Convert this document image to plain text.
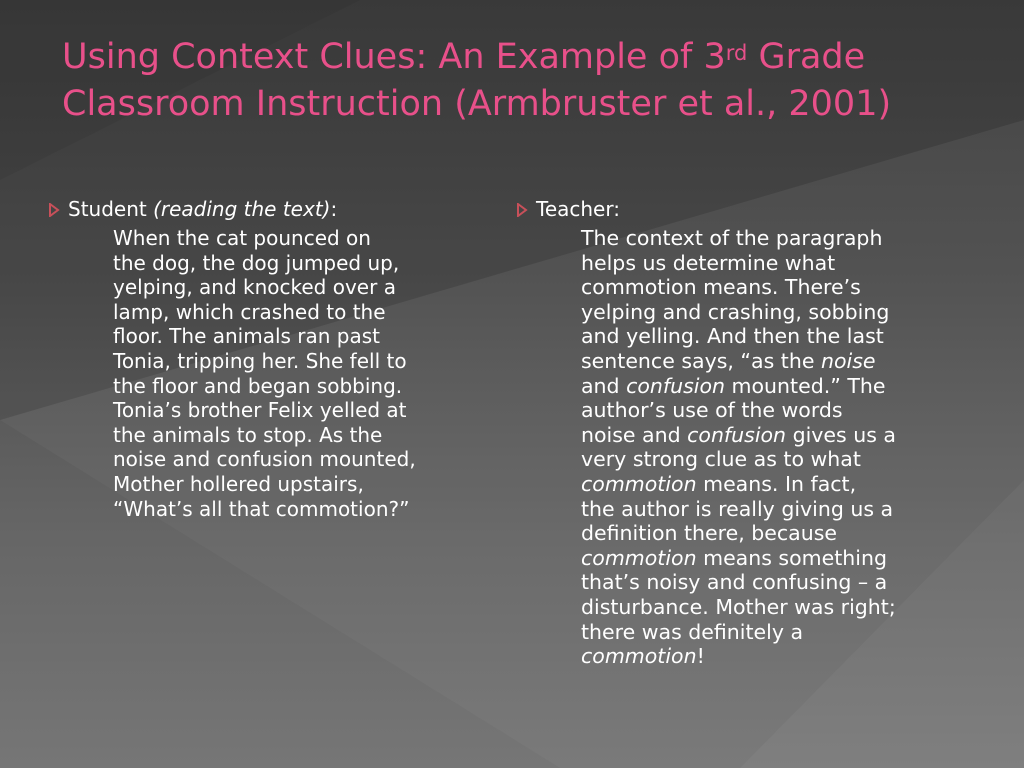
Using Context Clues: An Example of 3rd Grade Classroom Instruction (Armbruster et al., 2001)

Student (reading the text):

When the cat pounced on
the dog, the dog jumped up,
yelping, and knocked over a
lamp, which crashed to the
floor. The animals ran past
Tonia, tripping her. She fell to
the floor and began sobbing.
Tonia’s brother Felix yelled at
the animals to stop. As the
noise and confusion mounted,
Mother hollered upstairs,
“What’s all that commotion?”

Teacher:

The context of the paragraph
helps us determine what
commotion means. There’s
yelping and crashing, sobbing
and yelling. And then the last
sentence says, “as the noise
and confusion mounted.” The
author’s use of the words
noise and confusion gives us a
very strong clue as to what
commotion means. In fact,
the author is really giving us a
definition there, because
commotion means something
that’s noisy and confusing – a
disturbance. Mother was right;
there was definitely a
commotion!
